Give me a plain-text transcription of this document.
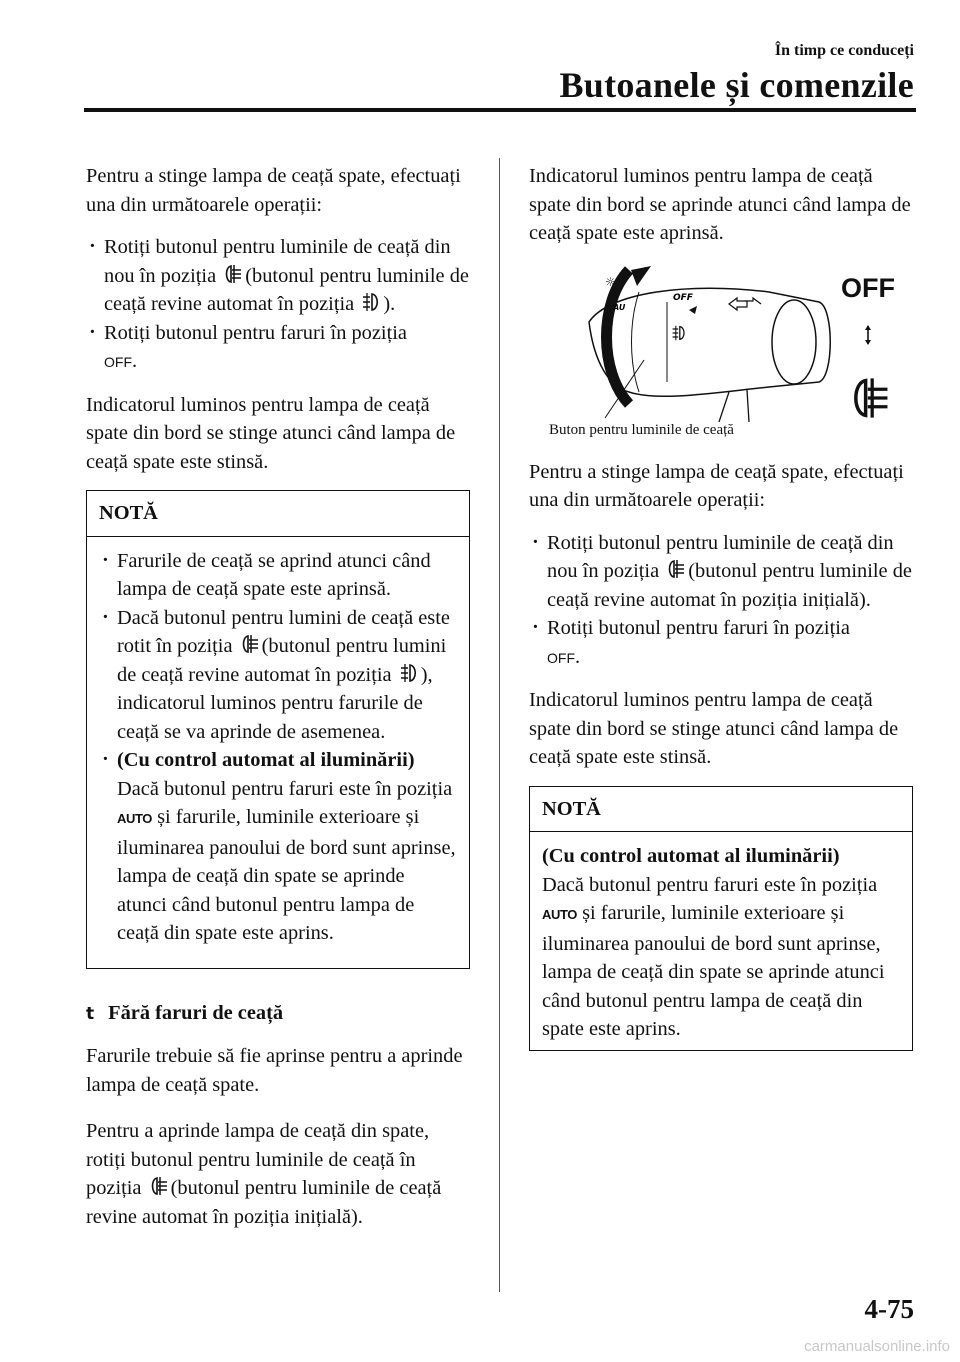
În timp ce conduceți
Butoanele și comenzile

Pentru a stinge lampa de ceață spate, efectuați una din următoarele operații:

· Rotiți butonul pentru luminile de ceață din nou în poziția (butonul pentru luminile de ceață revine automat în poziția ).
· Rotiți butonul pentru faruri în poziția
OFF.

Indicatorul luminos pentru lampa de ceață spate din bord se stinge atunci când lampa de ceață spate este stinsă.

NOTĂ
· Farurile de ceață se aprind atunci când lampa de ceață spate este aprinsă.
· Dacă butonul pentru lumini de ceață este rotit în poziția (butonul pentru lumini de ceață revine automat în poziția ), indicatorul luminos pentru farurile de ceață se va aprinde de asemenea.
· (Cu control automat al iluminării)
Dacă butonul pentru faruri este în poziția AUTO și farurile, luminile exterioare și iluminarea panoului de bord sunt aprinse, lampa de ceață din spate se aprinde atunci când butonul pentru lampa de ceață din spate este aprins.
t Fără faruri de ceață

Farurile trebuie să fie aprinse pentru a aprinde lampa de ceață spate.

Pentru a aprinde lampa de ceață din spate, rotiți butonul pentru luminile de ceață în poziția (butonul pentru luminile de ceață revine automat în poziția inițială).

Indicatorul luminos pentru lampa de ceață spate din bord se aprinde atunci când lampa de ceață spate este aprinsă.

☼
OFF
AU
OFF
Buton pentru luminile de ceață

Pentru a stinge lampa de ceață spate, efectuați una din următoarele operații:

· Rotiți butonul pentru luminile de ceață din nou în poziția (butonul pentru luminile de ceață revine automat în poziția inițială).
· Rotiți butonul pentru faruri în poziția
OFF.

Indicatorul luminos pentru lampa de ceață spate din bord se stinge atunci când lampa de ceață spate este stinsă.

NOTĂ
(Cu control automat al iluminării)
Dacă butonul pentru faruri este în poziția AUTO și farurile, luminile exterioare și iluminarea panoului de bord sunt aprinse, lampa de ceață din spate se aprinde atunci când butonul pentru lampa de ceață din spate este aprins.
4-75
carmanualsonline.info
